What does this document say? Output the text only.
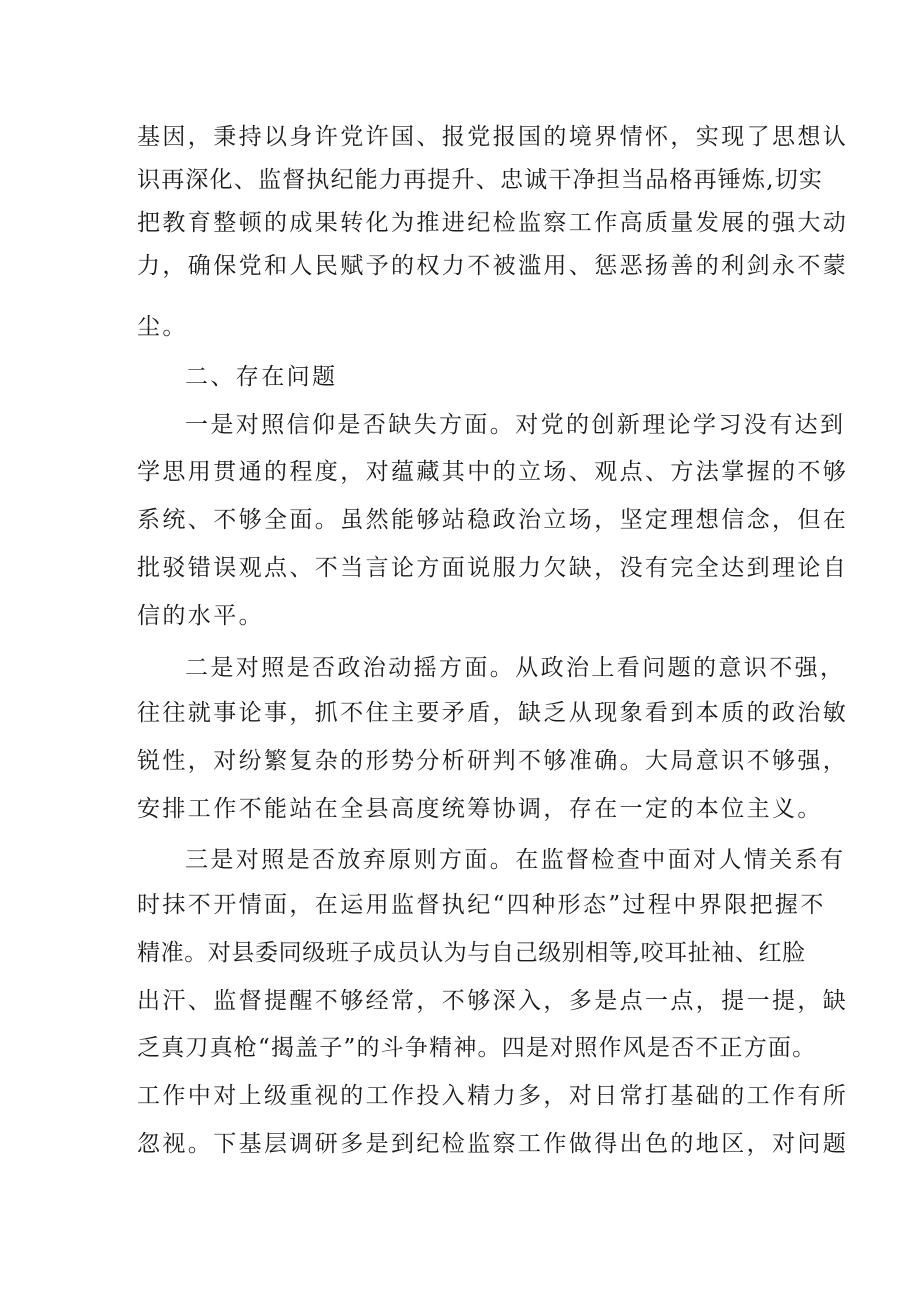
基因，秉持以身许党许国、报党报国的境界情怀，实现了思想认
识再深化、监督执纪能力再提升、忠诚干净担当品格再锤炼,切实
把教育整顿的成果转化为推进纪检监察工作高质量发展的强大动
力，确保党和人民赋予的权力不被滥用、惩恶扬善的利剑永不蒙
尘。
二、存在问题
一是对照信仰是否缺失方面。对党的创新理论学习没有达到
学思用贯通的程度，对蕴藏其中的立场、观点、方法掌握的不够
系统、不够全面。虽然能够站稳政治立场，坚定理想信念，但在
批驳错误观点、不当言论方面说服力欠缺，没有完全达到理论自
信的水平。
二是对照是否政治动摇方面。从政治上看问题的意识不强，
往往就事论事，抓不住主要矛盾，缺乏从现象看到本质的政治敏
锐性，对纷繁复杂的形势分析研判不够准确。大局意识不够强，
安排工作不能站在全县高度统筹协调，存在一定的本位主义。
三是对照是否放弃原则方面。在监督检查中面对人情关系有
时抹不开情面，在运用监督执纪“四种形态”过程中界限把握不
精准。对县委同级班子成员认为与自己级别相等,咬耳扯袖、红脸
出汗、监督提醒不够经常，不够深入，多是点一点，提一提，缺
乏真刀真枪“揭盖子”的斗争精神。四是对照作风是否不正方面。
工作中对上级重视的工作投入精力多，对日常打基础的工作有所
忽视。下基层调研多是到纪检监察工作做得出色的地区，对问题
